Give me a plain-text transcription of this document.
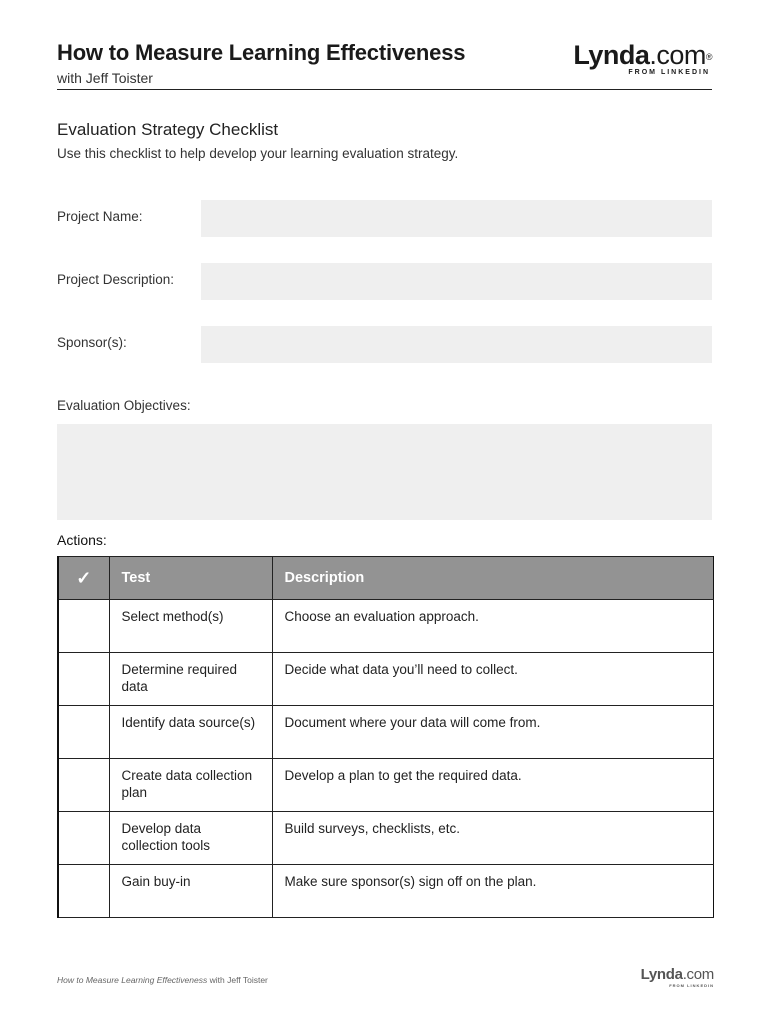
How to Measure Learning Effectiveness
with Jeff Toister
Lynda.com®
FROM LINKEDIN
Evaluation Strategy Checklist
Use this checklist to help develop your learning evaluation strategy.
Project Name:
Project Description:
Sponsor(s):
Evaluation Objectives:
Actions:
✓	Test	Description
	Select method(s)	Choose an evaluation approach.
	Determine required data	Decide what data you’ll need to collect.
	Identify data source(s)	Document where your data will come from.
	Create data collection plan	Develop a plan to get the required data.
	Develop data collection tools	Build surveys, checklists, etc.
	Gain buy-in	Make sure sponsor(s) sign off on the plan.
How to Measure Learning Effectiveness with Jeff Toister	Lynda.com
FROM LINKEDIN
